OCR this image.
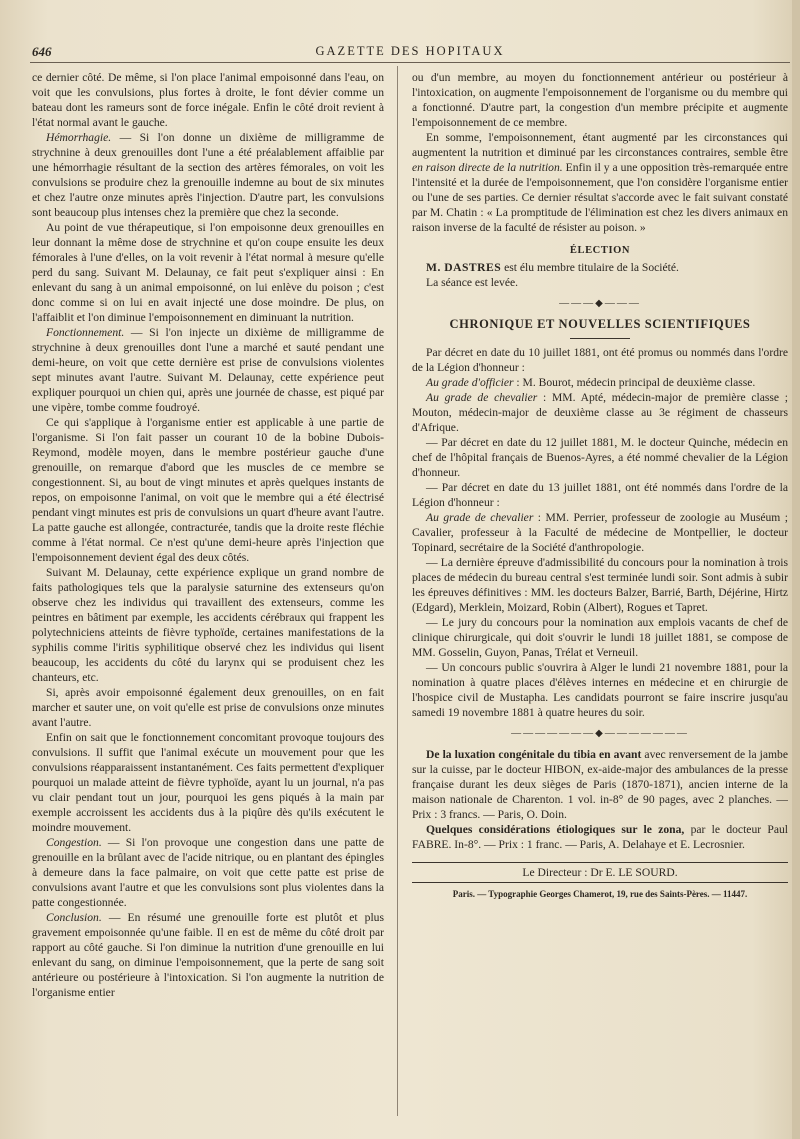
646	GAZETTE DES HOPITAUX

ce dernier côté. De même, si l'on place l'animal empoisonné dans l'eau, on voit que les convulsions, plus fortes à droite, le font dévier comme un bateau dont les rameurs sont de force inégale. Enfin le côté droit revient à l'état normal avant le gauche.

Hémorrhagie. — Si l'on donne un dixième de milligramme de strychnine à deux grenouilles dont l'une a été préalablement affaiblie par une hémorrhagie résultant de la section des artères fémorales, on voit les convulsions se produire chez la grenouille indemne au bout de six minutes et chez l'autre onze minutes après l'injection. D'autre part, les convulsions sont beaucoup plus intenses chez la première que chez la seconde.

Au point de vue thérapeutique, si l'on empoisonne deux grenouilles en leur donnant la même dose de strychnine et qu'on coupe ensuite les deux fémorales à l'une d'elles, on la voit revenir à l'état normal à mesure qu'elle perd du sang. Suivant M. Delaunay, ce fait peut s'expliquer ainsi : En enlevant du sang à un animal empoisonné, on lui enlève du poison ; c'est donc comme si on lui en avait injecté une dose moindre. De plus, on l'affaiblit et l'on diminue l'empoisonnement en diminuant la nutrition.

Fonctionnement. — Si l'on injecte un dixième de milligramme de strychnine à deux grenouilles dont l'une a marché et sauté pendant une demi-heure, on voit que cette dernière est prise de convulsions violentes sept minutes avant l'autre. Suivant M. Delaunay, cette expérience peut expliquer pourquoi un chien qui, après une journée de chasse, est piqué par une vipère, tombe comme foudroyé.

Ce qui s'applique à l'organisme entier est applicable à une partie de l'organisme. Si l'on fait passer un courant 10 de la bobine Dubois-Reymond, modèle moyen, dans le membre postérieur gauche d'une grenouille, on remarque d'abord que les muscles de ce membre se congestionnent. Si, au bout de vingt minutes et après quelques instants de repos, on empoisonne l'animal, on voit que le membre qui a été électrisé pendant vingt minutes est pris de convulsions un quart d'heure avant l'autre. La patte gauche est allongée, contracturée, tandis que la droite reste fléchie comme à l'état normal. Ce n'est qu'une demi-heure après l'injection que l'empoisonnement devient égal des deux côtés.

Suivant M. Delaunay, cette expérience explique un grand nombre de faits pathologiques tels que la paralysie saturnine des extenseurs qu'on observe chez les individus qui travaillent des extenseurs, comme les peintres en bâtiment par exemple, les accidents cérébraux qui frappent les polytechniciens atteints de fièvre typhoïde, certaines manifestations de la syphilis comme l'iritis syphilitique observé chez les individus qui lisent beaucoup, les accidents du côté du larynx qui se produisent chez les chanteurs, etc.

Si, après avoir empoisonné également deux grenouilles, on en fait marcher et sauter une, on voit qu'elle est prise de convulsions onze minutes avant l'autre.

Enfin on sait que le fonctionnement concomitant provoque toujours des convulsions. Il suffit que l'animal exécute un mouvement pour que les convulsions réapparaissent instantanément. Ces faits permettent d'expliquer pourquoi un malade atteint de fièvre typhoïde, ayant lu un journal, n'a pas vu clair pendant tout un jour, pourquoi les gens piqués à la main par exemple accroissent les accidents dus à la piqûre dès qu'ils exécutent le moindre mouvement.

Congestion. — Si l'on provoque une congestion dans une patte de grenouille en la brûlant avec de l'acide nitrique, ou en plantant des épingles à demeure dans la face palmaire, on voit que cette patte est prise de convulsions avant l'autre et que les convulsions sont plus violentes dans la patte congestionnée.

Conclusion. — En résumé une grenouille forte est plutôt et plus gravement empoisonnée qu'une faible. Il en est de même du côté droit par rapport au côté gauche. Si l'on diminue la nutrition d'une grenouille en lui enlevant du sang, on diminue l'empoisonnement, que la perte de sang soit antérieure ou postérieure à l'intoxication. Si l'on augmente la nutrition de l'organisme entier

ou d'un membre, au moyen du fonctionnement antérieur ou postérieur à l'intoxication, on augmente l'empoisonnement de l'organisme ou du membre qui a fonctionné. D'autre part, la congestion d'un membre précipite et augmente l'empoisonnement de ce membre.

En somme, l'empoisonnement, étant augmenté par les circonstances qui augmentent la nutrition et diminué par les circonstances contraires, semble être en raison directe de la nutrition. Enfin il y a une opposition très-remarquée entre l'intensité et la durée de l'empoisonnement, que l'on considère l'organisme entier ou l'une de ses parties. Ce dernier résultat s'accorde avec le fait suivant constaté par M. Chatin : « La promptitude de l'élimination est chez les divers animaux en raison inverse de la faculté de résister au poison. »

ÉLECTION

M. DASTRES est élu membre titulaire de la Société.

La séance est levée.

———◆———
CHRONIQUE ET NOUVELLES SCIENTIFIQUES

Par décret en date du 10 juillet 1881, ont été promus ou nommés dans l'ordre de la Légion d'honneur :

Au grade d'officier : M. Bourot, médecin principal de deuxième classe.

Au grade de chevalier : MM. Apté, médecin-major de première classe ; Mouton, médecin-major de deuxième classe au 3e régiment de chasseurs d'Afrique.

— Par décret en date du 12 juillet 1881, M. le docteur Quinche, médecin en chef de l'hôpital français de Buenos-Ayres, a été nommé chevalier de la Légion d'honneur.

— Par décret en date du 13 juillet 1881, ont été nommés dans l'ordre de la Légion d'honneur :

Au grade de chevalier : MM. Perrier, professeur de zoologie au Muséum ; Cavalier, professeur à la Faculté de médecine de Montpellier, le docteur Topinard, secrétaire de la Société d'anthropologie.

— La dernière épreuve d'admissibilité du concours pour la nomination à trois places de médecin du bureau central s'est terminée lundi soir. Sont admis à subir les épreuves définitives : MM. les docteurs Balzer, Barrié, Barth, Déjérine, Hirtz (Edgard), Merklein, Moizard, Robin (Albert), Rogues et Tapret.

— Le jury du concours pour la nomination aux emplois vacants de chef de clinique chirurgicale, qui doit s'ouvrir le lundi 18 juillet 1881, se compose de MM. Gosselin, Guyon, Panas, Trélat et Verneuil.

— Un concours public s'ouvrira à Alger le lundi 21 novembre 1881, pour la nomination à quatre places d'élèves internes en médecine et en chirurgie de l'hospice civil de Mustapha. Les candidats pourront se faire inscrire jusqu'au samedi 19 novembre 1881 à quatre heures du soir.

———————◆———————

De la luxation congénitale du tibia en avant avec renversement de la jambe sur la cuisse, par le docteur HIBON, ex-aide-major des ambulances de la presse française durant les deux sièges de Paris (1870-1871), ancien interne de la maison nationale de Charenton. 1 vol. in-8° de 90 pages, avec 2 planches. — Prix : 3 francs. — Paris, O. Doin.

Quelques considérations étiologiques sur le zona, par le docteur Paul FABRE. In-8°. — Prix : 1 franc. — Paris, A. Delahaye et E. Lecrosnier.

Le Directeur : Dr E. LE SOURD.
Paris. — Typographie Georges Chamerot, 19, rue des Saints-Pères. — 11447.
